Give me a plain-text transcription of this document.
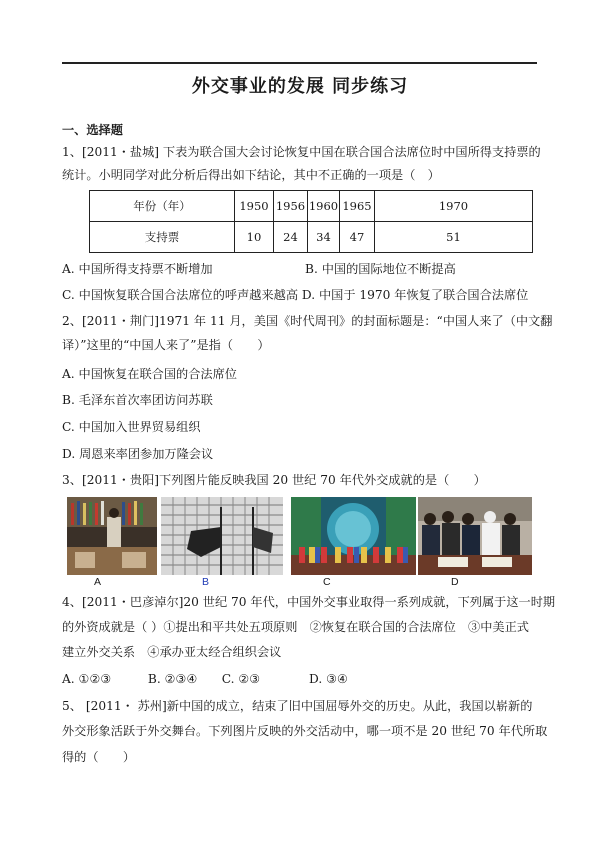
外交事业的发展 同步练习
一、选择题
1、[2011・盐城] 下表为联合国大会讨论恢复中国在联合国合法席位时中国所得支持票的
统计。小明同学对此分析后得出如下结论，其中不正确的一项是（　）
年份（年）	1950	1956	1960	1965	1970
支持票	10	24	34	47	51
A. 中国所得支持票不断增加	B. 中国的国际地位不断提高
C. 中国恢复联合国合法席位的呼声越来越高 D. 中国于 1970 年恢复了联合国合法席位
2、[2011・荆门]1971 年 11 月，美国《时代周刊》的封面标题是：“中国人来了（中文翻
译）”这里的“中国人来了”是指（　　）
A. 中国恢复在联合国的合法席位
B. 毛泽东首次率团访问苏联
C. 中国加入世界贸易组织
D. 周恩来率团参加万隆会议
3、[2011・贵阳]下列图片能反映我国 20 世纪 70 年代外交成就的是（　　）
A	B	C	D
4、[2011・巴彦淖尔]20 世纪 70 年代，中国外交事业取得一系列成就，下列属于这一时期
的外资成就是（ ）①提出和平共处五项原则　②恢复在联合国的合法席位　③中美正式
建立外交关系　④承办亚太经合组织会议
A. ①②③　　　B. ②③④　　C. ②③　　　　D. ③④
5、 [2011・ 苏州]新中国的成立，结束了旧中国屈辱外交的历史。从此，我国以崭新的
外交形象活跃于外交舞台。下列图片反映的外交活动中，哪一项不是 20 世纪 70 年代所取
得的（　　）
